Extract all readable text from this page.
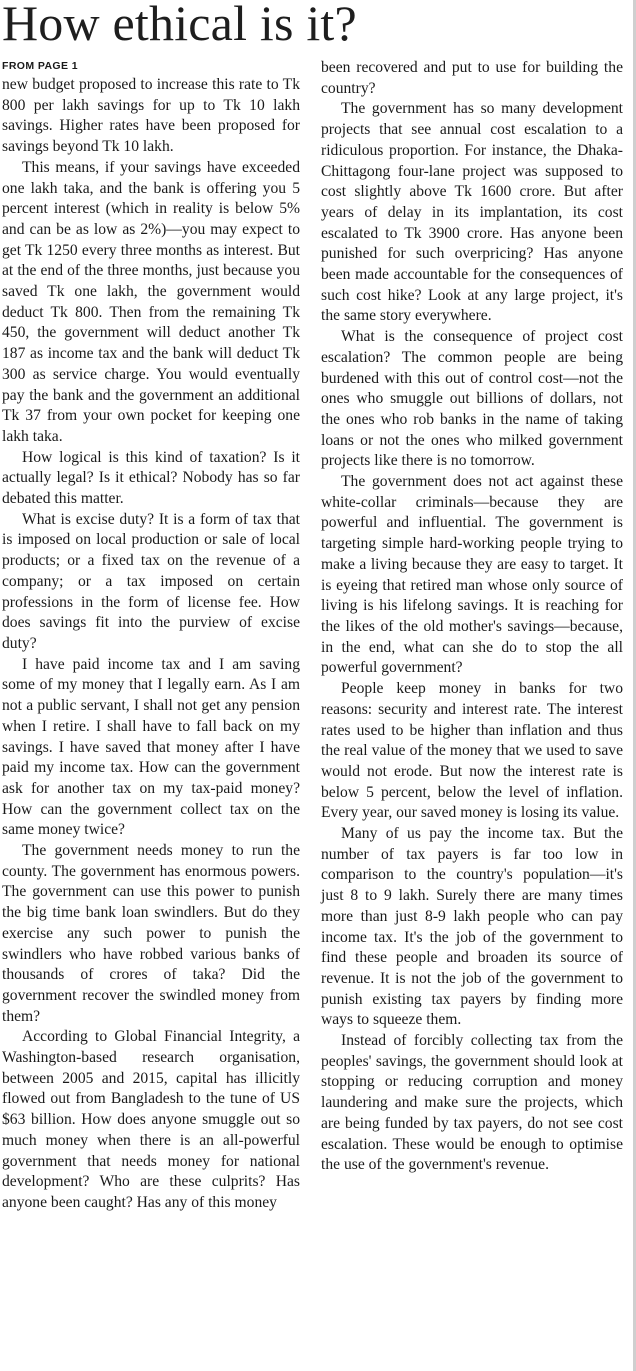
How ethical is it?
FROM PAGE 1

new budget proposed to increase this rate to Tk 800 per lakh savings for up to Tk 10 lakh savings. Higher rates have been proposed for savings beyond Tk 10 lakh.

This means, if your savings have exceeded one lakh taka, and the bank is offering you 5 percent interest (which in reality is below 5% and can be as low as 2%)—you may expect to get Tk 1250 every three months as interest. But at the end of the three months, just because you saved Tk one lakh, the government would deduct Tk 800. Then from the remaining Tk 450, the government will deduct another Tk 187 as income tax and the bank will deduct Tk 300 as service charge. You would eventually pay the bank and the government an additional Tk 37 from your own pocket for keeping one lakh taka.

How logical is this kind of taxation? Is it actually legal? Is it ethical? Nobody has so far debated this matter.

What is excise duty? It is a form of tax that is imposed on local production or sale of local products; or a fixed tax on the revenue of a company; or a tax imposed on certain professions in the form of license fee. How does savings fit into the purview of excise duty?

I have paid income tax and I am saving some of my money that I legally earn. As I am not a public servant, I shall not get any pension when I retire. I shall have to fall back on my savings. I have saved that money after I have paid my income tax. How can the government ask for another tax on my tax-paid money? How can the government collect tax on the same money twice?

The government needs money to run the county. The government has enormous powers. The government can use this power to punish the big time bank loan swindlers. But do they exercise any such power to punish the swindlers who have robbed various banks of thousands of crores of taka? Did the government recover the swindled money from them?

According to Global Financial Integrity, a Washington-based research organisation, between 2005 and 2015, capital has illicitly flowed out from Bangladesh to the tune of US $63 billion. How does anyone smuggle out so much money when there is an all-powerful government that needs money for national development? Who are these culprits? Has anyone been caught? Has any of this money

been recovered and put to use for building the country?

The government has so many development projects that see annual cost escalation to a ridiculous proportion. For instance, the Dhaka-Chittagong four-lane project was supposed to cost slightly above Tk 1600 crore. But after years of delay in its implantation, its cost escalated to Tk 3900 crore. Has anyone been punished for such overpricing? Has anyone been made accountable for the consequences of such cost hike? Look at any large project, it's the same story everywhere.

What is the consequence of project cost escalation? The common people are being burdened with this out of control cost—not the ones who smuggle out billions of dollars, not the ones who rob banks in the name of taking loans or not the ones who milked government projects like there is no tomorrow.

The government does not act against these white-collar criminals—because they are powerful and influential. The government is targeting simple hard-working people trying to make a living because they are easy to target. It is eyeing that retired man whose only source of living is his lifelong savings. It is reaching for the likes of the old mother's savings—because, in the end, what can she do to stop the all powerful government?

People keep money in banks for two reasons: security and interest rate. The interest rates used to be higher than inflation and thus the real value of the money that we used to save would not erode. But now the interest rate is below 5 percent, below the level of inflation. Every year, our saved money is losing its value.

Many of us pay the income tax. But the number of tax payers is far too low in comparison to the country's population—it's just 8 to 9 lakh. Surely there are many times more than just 8-9 lakh people who can pay income tax. It's the job of the government to find these people and broaden its source of revenue. It is not the job of the government to punish existing tax payers by finding more ways to squeeze them.

Instead of forcibly collecting tax from the peoples' savings, the government should look at stopping or reducing corruption and money laundering and make sure the projects, which are being funded by tax payers, do not see cost escalation. These would be enough to optimise the use of the government's revenue.
